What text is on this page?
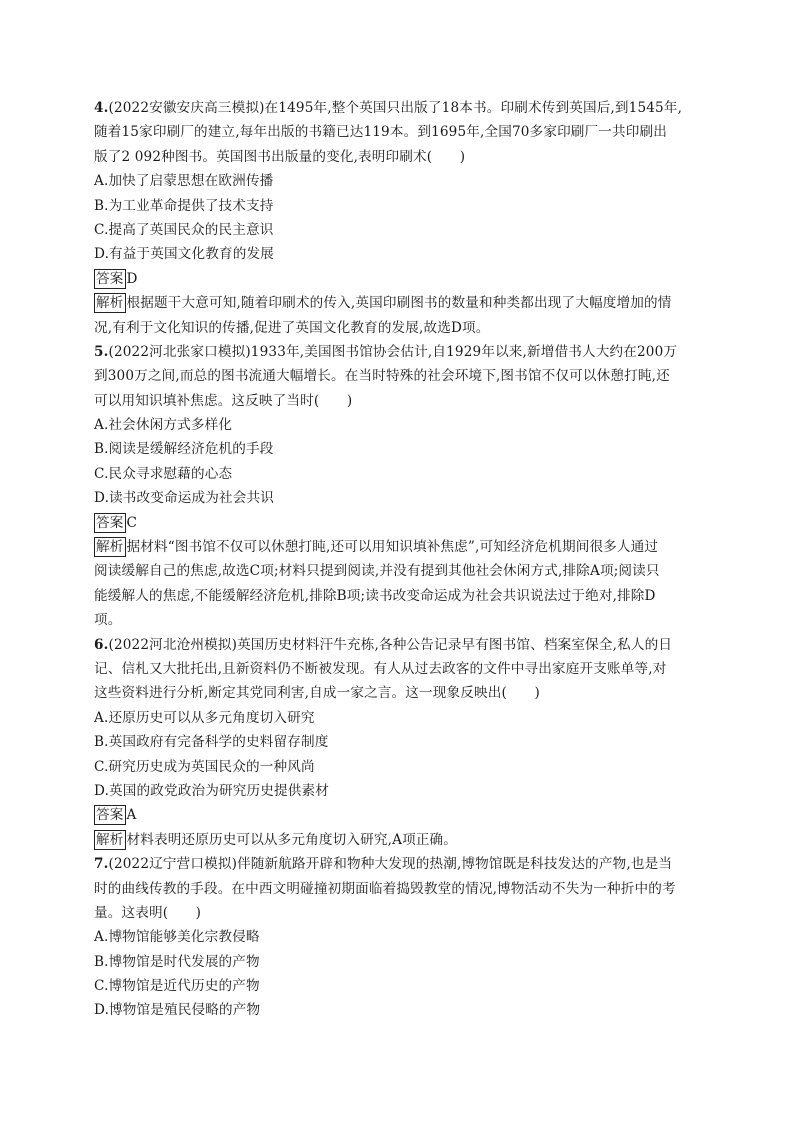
4.(2022安徽安庆高三模拟)在1495年,整个英国只出版了18本书。印刷术传到英国后,到1545年,
随着15家印刷厂的建立,每年出版的书籍已达119本。到1695年,全国70多家印刷厂一共印刷出
版了2 092种图书。英国图书出版量的变化,表明印刷术(　　)
A.加快了启蒙思想在欧洲传播
B.为工业革命提供了技术支持
C.提高了英国民众的民主意识
D.有益于英国文化教育的发展
答案 D
解析 根据题干大意可知,随着印刷术的传入,英国印刷图书的数量和种类都出现了大幅度增加的情
况,有利于文化知识的传播,促进了英国文化教育的发展,故选D项。
5.(2022河北张家口模拟)1933年,美国图书馆协会估计,自1929年以来,新增借书人大约在200万
到300万之间,而总的图书流通大幅增长。在当时特殊的社会环境下,图书馆不仅可以休憩打盹,还
可以用知识填补焦虑。这反映了当时(　　)
A.社会休闲方式多样化
B.阅读是缓解经济危机的手段
C.民众寻求慰藉的心态
D.读书改变命运成为社会共识
答案 C
解析 据材料“图书馆不仅可以休憩打盹,还可以用知识填补焦虑”,可知经济危机期间很多人通过
阅读缓解自己的焦虑,故选C项;材料只提到阅读,并没有提到其他社会休闲方式,排除A项;阅读只
能缓解人的焦虑,不能缓解经济危机,排除B项;读书改变命运成为社会共识说法过于绝对,排除D
项。
6.(2022河北沧州模拟)英国历史材料汗牛充栋,各种公告记录早有图书馆、档案室保全,私人的日
记、信札又大批托出,且新资料仍不断被发现。有人从过去政客的文件中寻出家庭开支账单等,对
这些资料进行分析,断定其党同利害,自成一家之言。这一现象反映出(　　)
A.还原历史可以从多元角度切入研究
B.英国政府有完备科学的史料留存制度
C.研究历史成为英国民众的一种风尚
D.英国的政党政治为研究历史提供素材
答案 A
解析 材料表明还原历史可以从多元角度切入研究,A项正确。
7.(2022辽宁营口模拟)伴随新航路开辟和物种大发现的热潮,博物馆既是科技发达的产物,也是当
时的曲线传教的手段。在中西文明碰撞初期面临着捣毁教堂的情况,博物活动不失为一种折中的考
量。这表明(　　)
A.博物馆能够美化宗教侵略
B.博物馆是时代发展的产物
C.博物馆是近代历史的产物
D.博物馆是殖民侵略的产物
